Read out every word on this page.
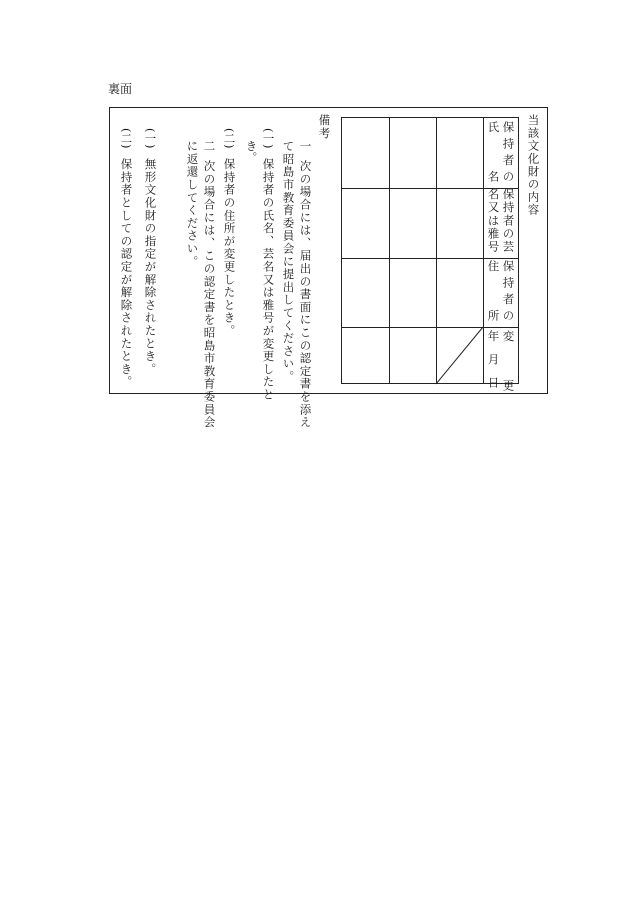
裏面
当該文化財の内容
保持者の
氏　　名
保持者の芸
名又は雅号
保持者の
住　　所
変　　更
年 月 日
備考
一
次の場合には、届出の書面にこの認定書を添え
て昭島市教育委員会に提出してください。
(一)
保持者の氏名、芸名又は雅号が変更したと
き。
(二)
保持者の住所が変更したとき。
二
次の場合には、この認定書を昭島市教育委員会
に返還してください。
(一)
無形文化財の指定が解除されたとき。
(二)
保持者としての認定が解除されたとき。
